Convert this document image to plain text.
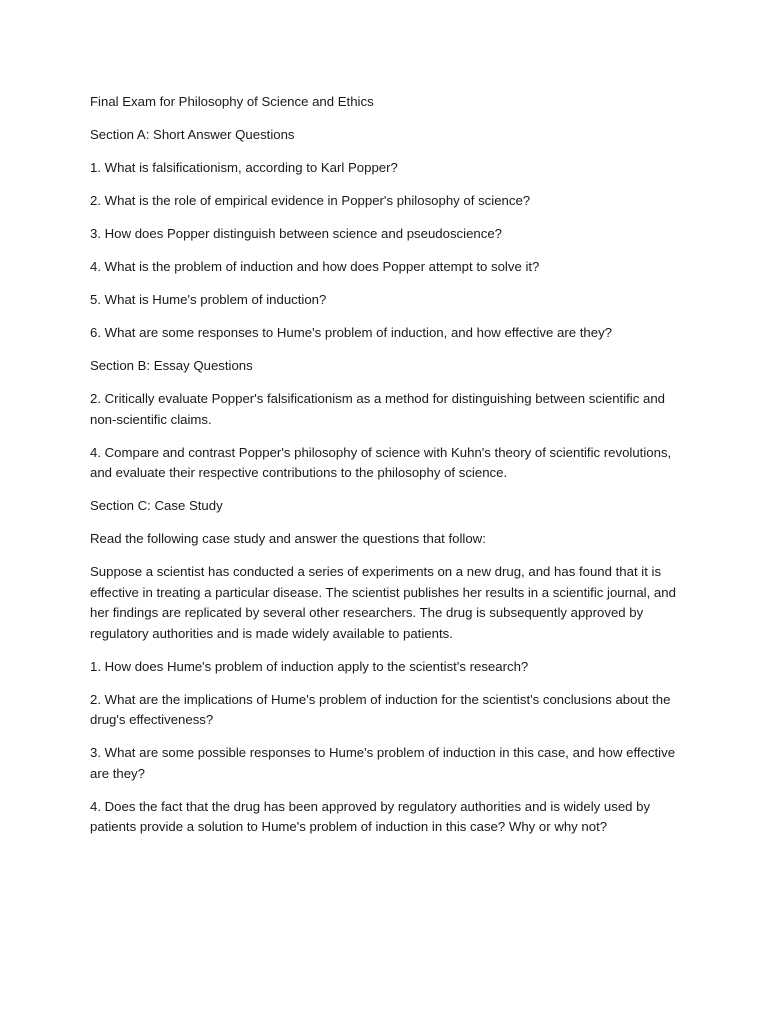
Final Exam for Philosophy of Science and Ethics

Section A: Short Answer Questions

1. What is falsificationism, according to Karl Popper?

2. What is the role of empirical evidence in Popper's philosophy of science?

3. How does Popper distinguish between science and pseudoscience?

4. What is the problem of induction and how does Popper attempt to solve it?

5. What is Hume's problem of induction?

6. What are some responses to Hume's problem of induction, and how effective are they?

Section B: Essay Questions

2. Critically evaluate Popper's falsificationism as a method for distinguishing between scientific and non-scientific claims.

4. Compare and contrast Popper's philosophy of science with Kuhn's theory of scientific revolutions, and evaluate their respective contributions to the philosophy of science.

Section C: Case Study

Read the following case study and answer the questions that follow:

Suppose a scientist has conducted a series of experiments on a new drug, and has found that it is effective in treating a particular disease. The scientist publishes her results in a scientific journal, and her findings are replicated by several other researchers. The drug is subsequently approved by regulatory authorities and is made widely available to patients.

1. How does Hume's problem of induction apply to the scientist's research?

2. What are the implications of Hume's problem of induction for the scientist's conclusions about the drug's effectiveness?

3. What are some possible responses to Hume's problem of induction in this case, and how effective are they?

4. Does the fact that the drug has been approved by regulatory authorities and is widely used by patients provide a solution to Hume's problem of induction in this case? Why or why not?
